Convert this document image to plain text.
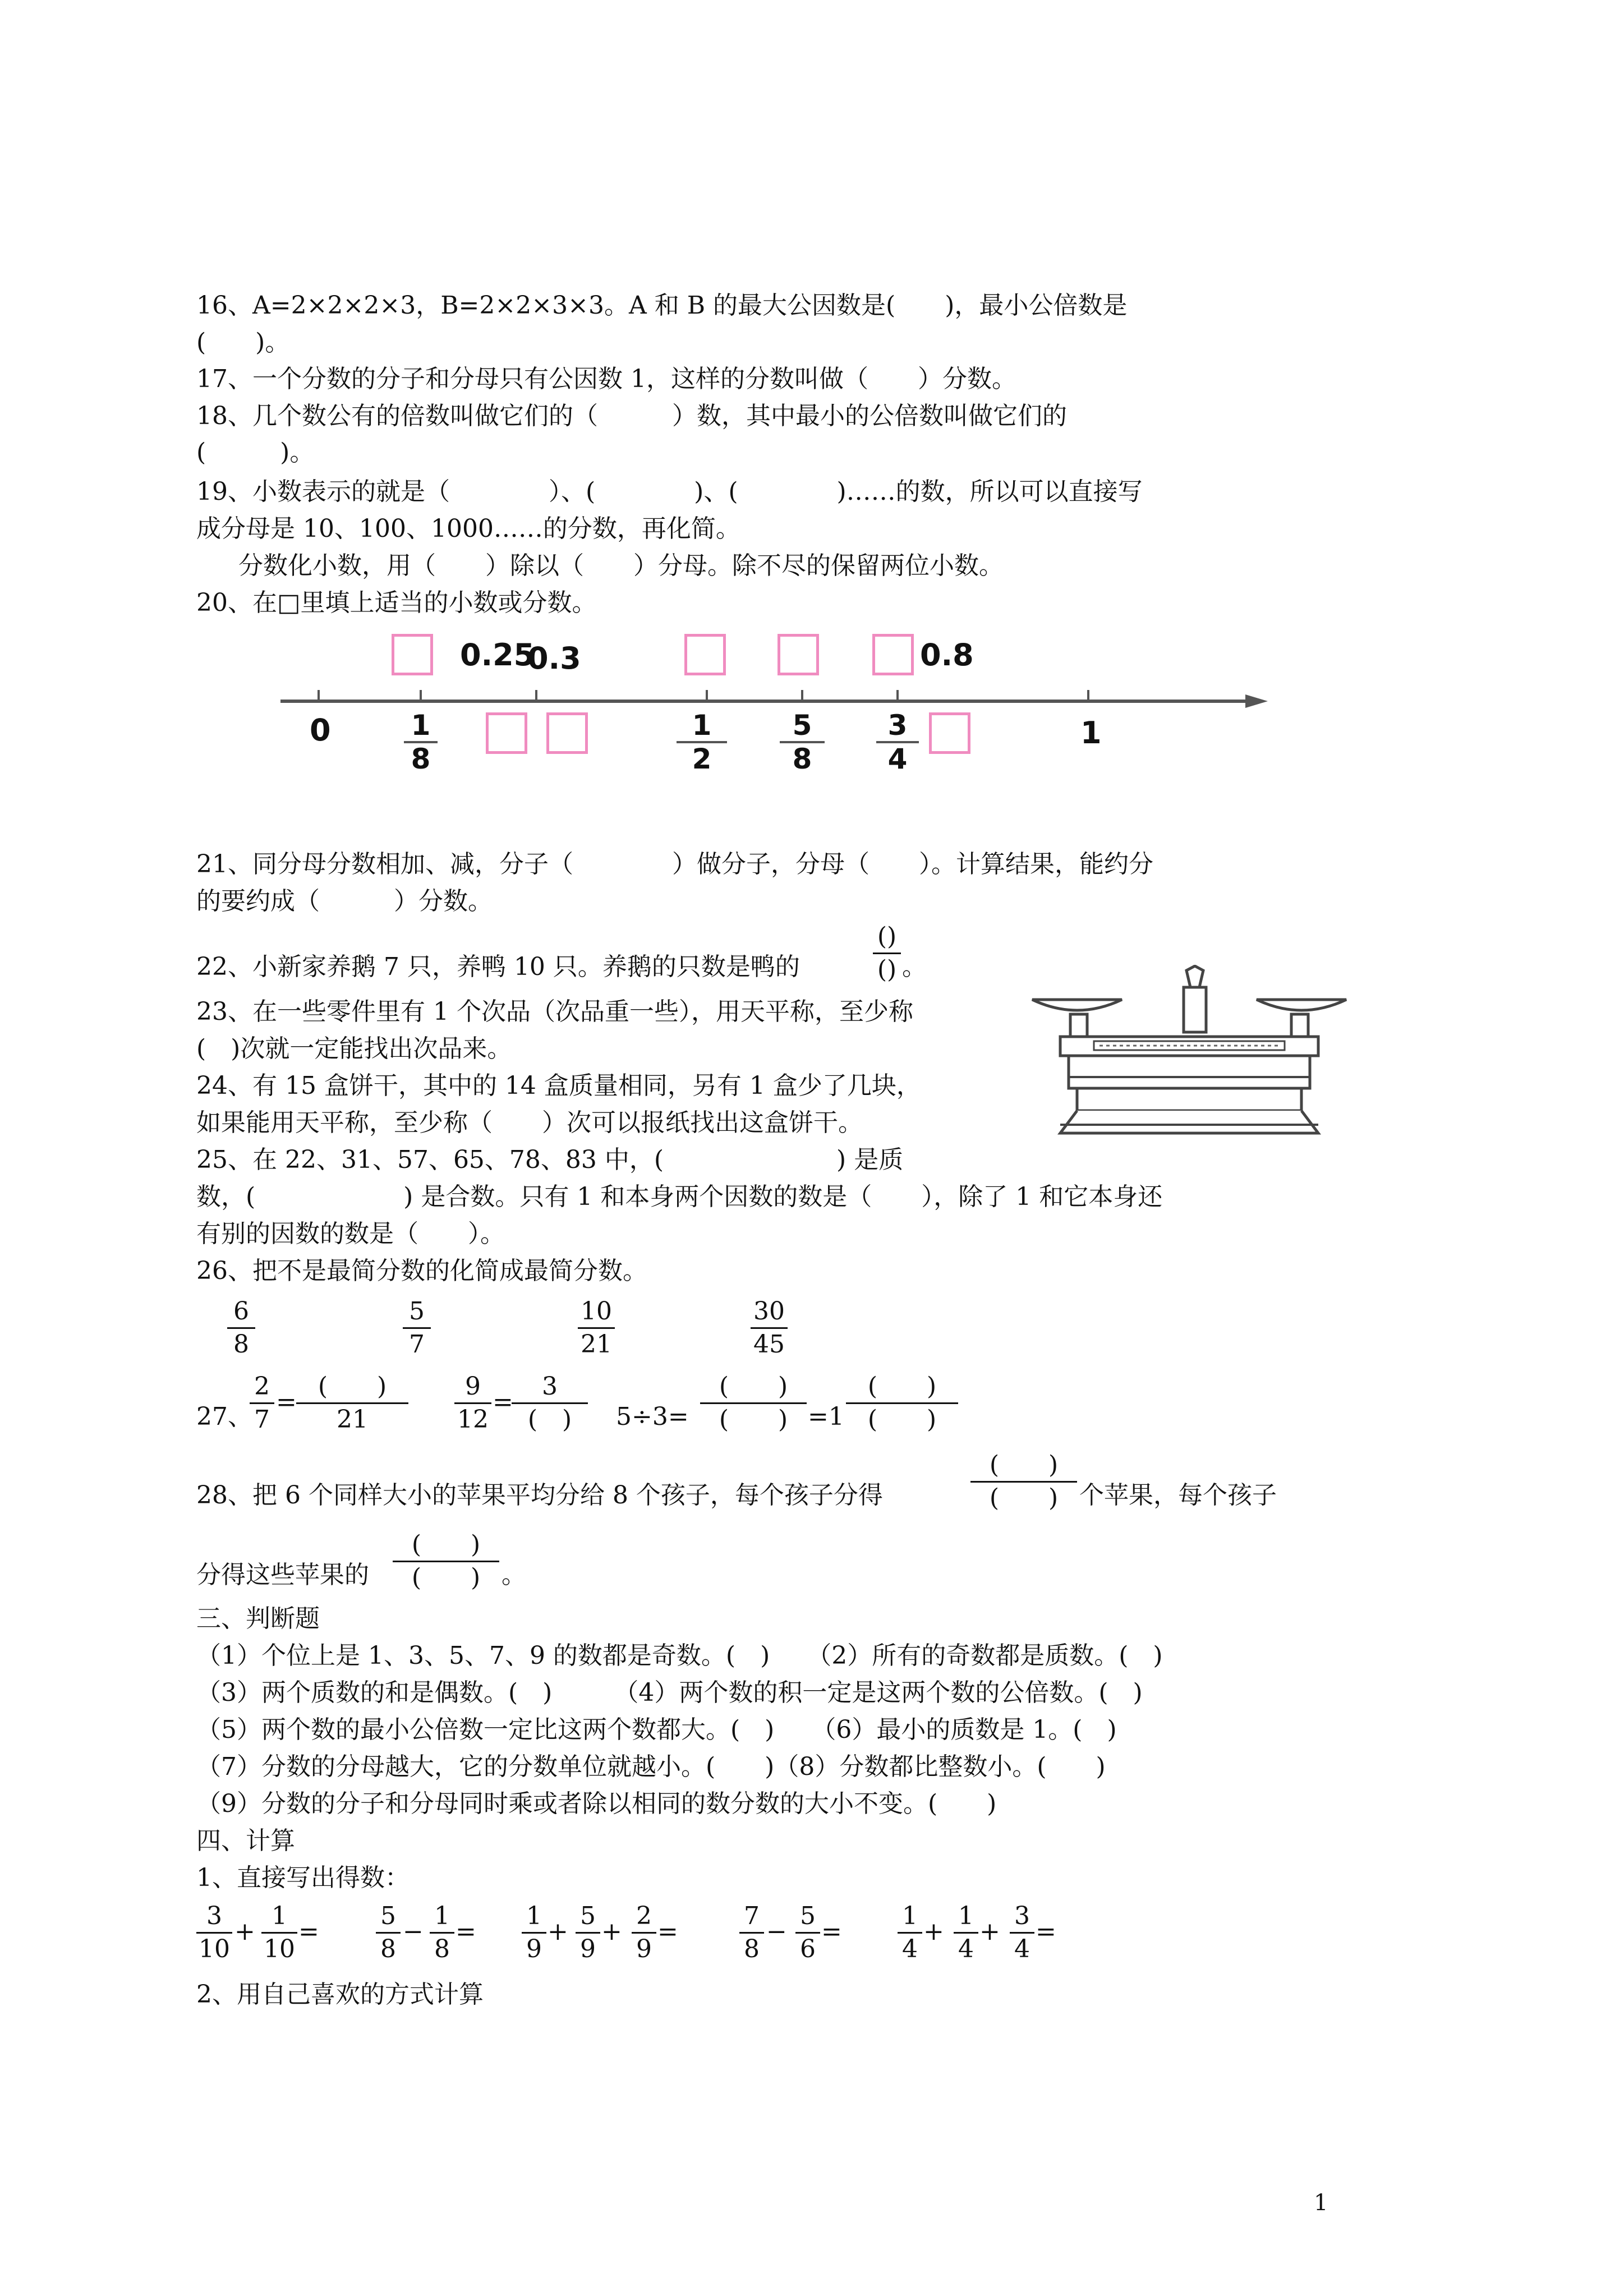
16、A=2×2×2×3，B=2×2×3×3。A 和 B 的最大公因数是(　　)，最小公倍数是
(　　)。
17、一个分数的分子和分母只有公因数 1，这样的分数叫做（　　）分数。
18、几个数公有的倍数叫做它们的（　　　）数，其中最小的公倍数叫做它们的
(　　　)。
19、小数表示的就是（　　　　）、(　　　　)、(　　　　)……的数，所以可以直接写
成分母是 10、100、1000……的分数，再化简。
分数化小数，用（　　）除以（　　）分母。除不尽的保留两位小数。
20、在□里填上适当的小数或分数。
0.25
0.3	0.8
0	1
1
8
1
2
5
8
3
4
21、同分母分数相加、减，分子（　　　　）做分子，分母（　　）。计算结果，能约分
的要约成（　　　）分数。
22、小新家养鹅 7 只，养鸭 10 只。养鹅的只数是鸭的
()
() 。
23、在一些零件里有 1 个次品（次品重一些），用天平称，至少称
(　)次就一定能找出次品来。
24、有 15 盒饼干，其中的 14 盒质量相同，另有 1 盒少了几块，
如果能用天平称，至少称（　　）次可以报纸找出这盒饼干。
25、在 22、31、57、65、78、83 中，(　　　　　　　) 是质
数，(　　　　　　) 是合数。只有 1 和本身两个因数的数是（　　），除了 1 和它本身还
有别的因数的数是（　　）。
26、把不是最简分数的化简成最简分数。
6
8
5
7
10
21
30
45
27、
2
7
=
(　　)
21
9
12
=
3
(　)	5÷3=
(　　)
(　　) =1
(　　)
(　　)
28、把 6 个同样大小的苹果平均分给 8 个孩子，每个孩子分得
(　　)
(　　) 个苹果，每个孩子
分得这些苹果的
(　　)
(　　) 。
三、判断题
（1）个位上是 1、3、5、7、9 的数都是奇数。(　)　　（2）所有的奇数都是质数。(　)
（3）两个质数的和是偶数。(　)　　　（4）两个数的积一定是这两个数的公倍数。(　)
（5）两个数的最小公倍数一定比这两个数都大。(　)　　（6）最小的质数是 1。(　)
（7）分数的分母越大，它的分数单位就越小。(　　)（8）分数都比整数小。(　　)
（9）分数的分子和分母同时乘或者除以相同的数分数的大小不变。(　　)
四、计算
1、直接写出得数：
3
10
+
1
10
=
5
8
−
1
8
=
1
9
+
5
9
+
2
9
=
7
8
−
5
6
=
1
4
+
1
4
+
3
4
=
2、用自己喜欢的方式计算
1
